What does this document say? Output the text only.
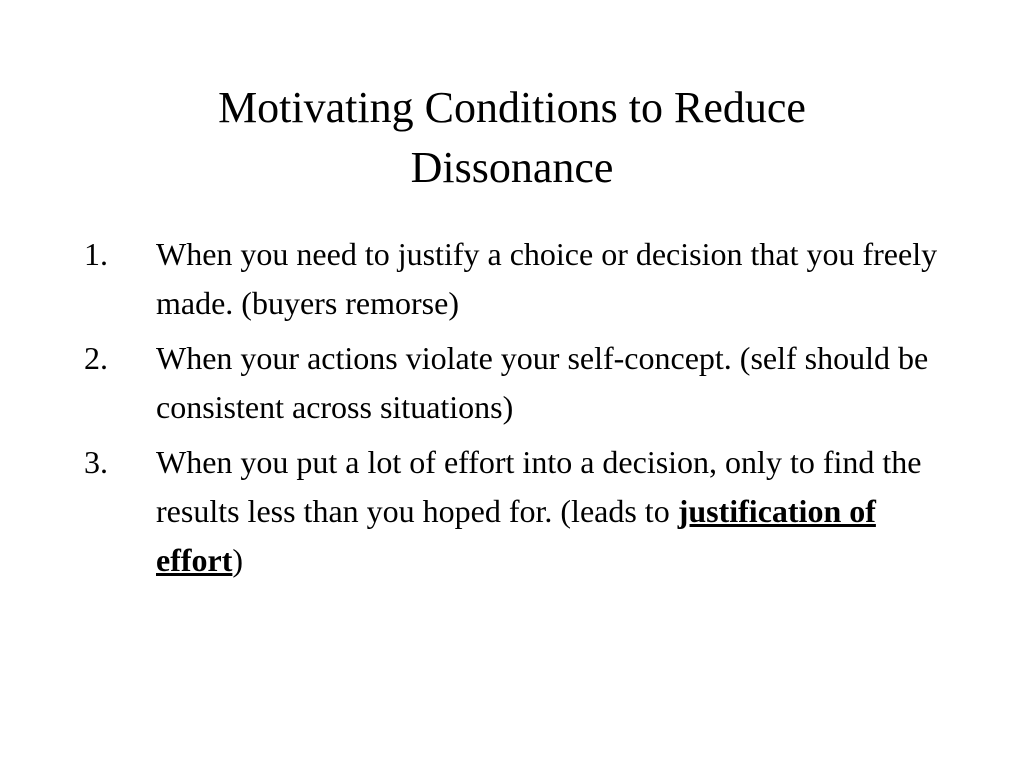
Motivating Conditions to Reduce Dissonance
1. When you need to justify a choice or decision that you freely made. (buyers remorse)
2. When your actions violate your self-concept. (self should be consistent across situations)
3. When you put a lot of effort into a decision, only to find the results less than you hoped for. (leads to justification of effort)
